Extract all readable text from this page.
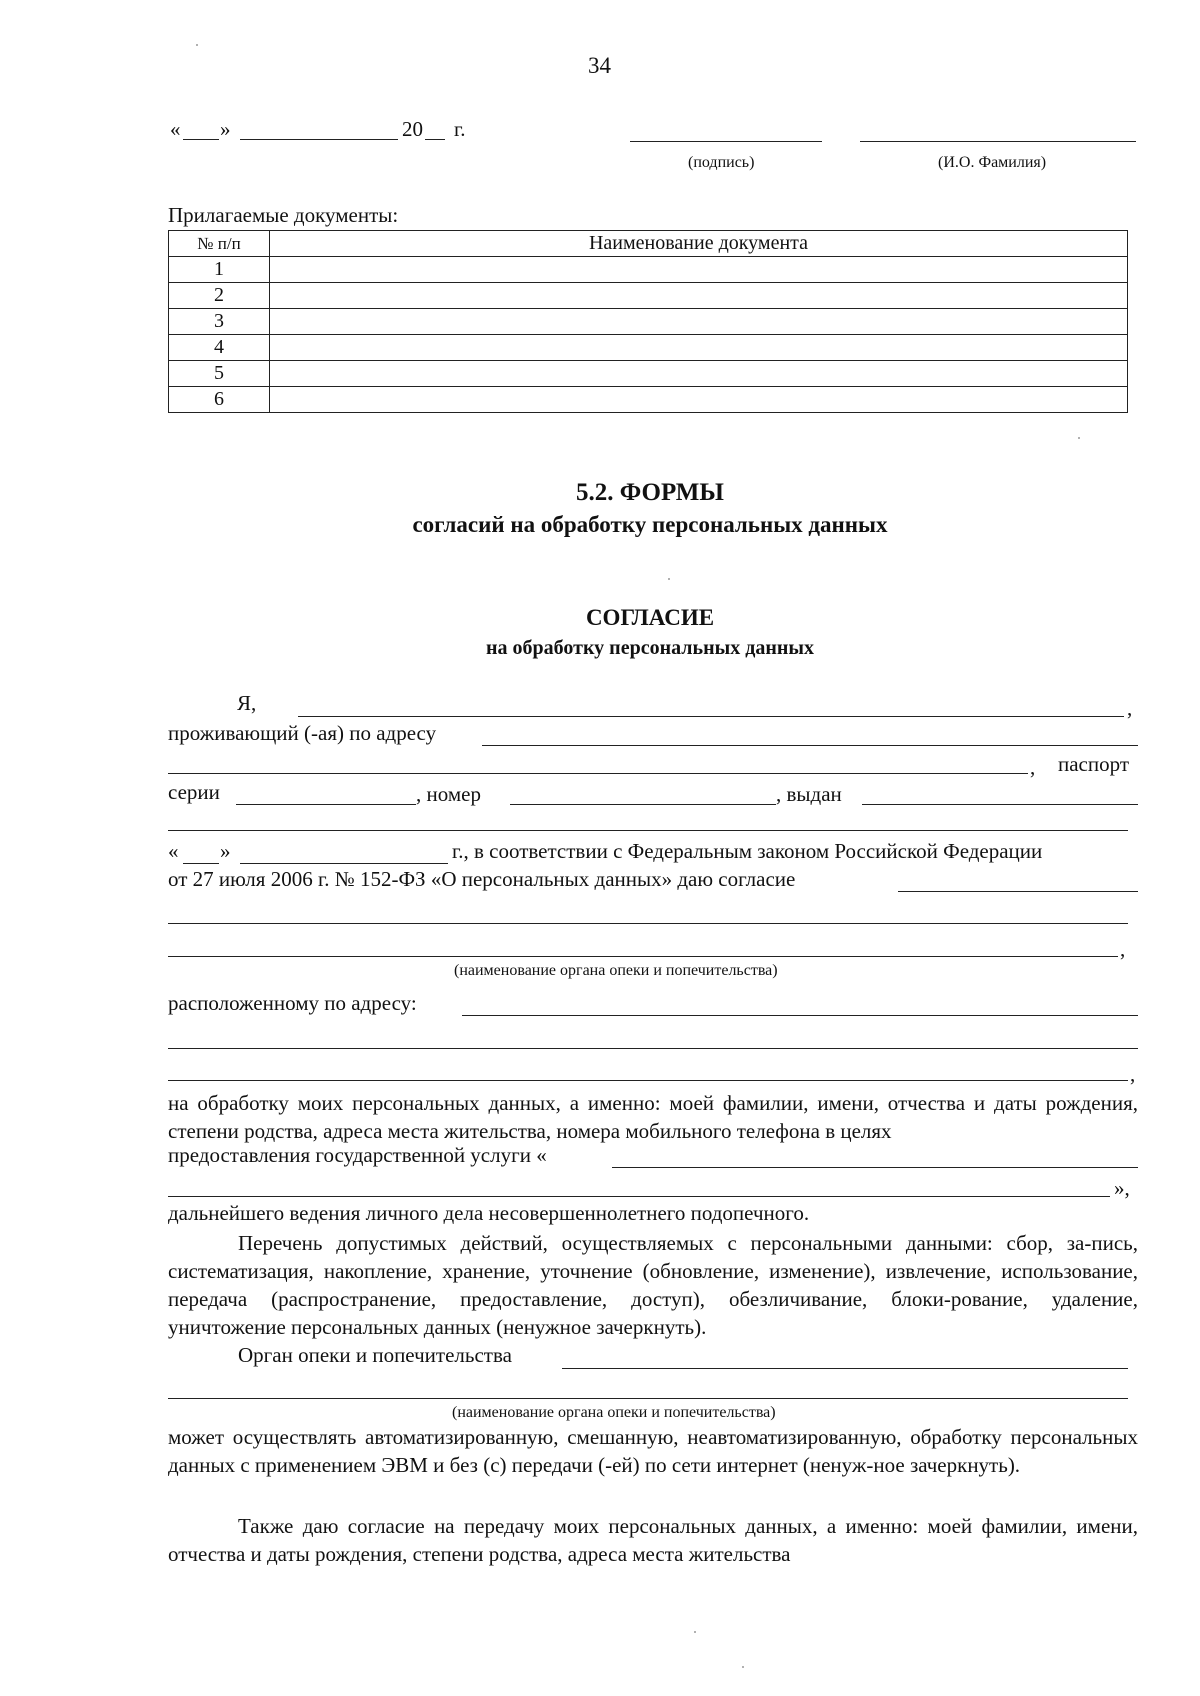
34
« »	20 г.
(подпись)	(И.О. Фамилия)
Прилагаемые документы:
№ п/п	Наименование документа
1	
2	
3	
4	
5	
6	
5.2. ФОРМЫ
согласий на обработку персональных данных
СОГЛАСИЕ
на обработку персональных данных
Я,	,
проживающий (-ая) по адресу
, паспорт
серии	, номер	, выдан
« »	г., в соответствии с Федеральным законом Российской Федерации
от 27 июля 2006 г. № 152-ФЗ «О персональных данных» даю согласие
,
(наименование органа опеки и попечительства)
расположенному по адресу:
,
на обработку моих персональных данных, а именно: моей фамилии, имени, отчества и даты рождения, степени родства, адреса места жительства, номера мобильного телефона в целях
предоставления государственной услуги «
»,
дальнейшего ведения личного дела несовершеннолетнего подопечного.
Перечень допустимых действий, осуществляемых с персональными данными: сбор, за-пись, систематизация, накопление, хранение, уточнение (обновление, изменение), извлечение, использование, передача (распространение, предоставление, доступ), обезличивание, блоки-рование, удаление, уничтожение персональных данных (ненужное зачеркнуть).
Орган опеки и попечительства
(наименование органа опеки и попечительства)
может осуществлять автоматизированную, смешанную, неавтоматизированную, обработку персональных данных с применением ЭВМ и без (с) передачи (-ей) по сети интернет (ненуж-ное зачеркнуть).
Также даю согласие на передачу моих персональных данных, а именно: моей фамилии, имени, отчества и даты рождения, степени родства, адреса места жительства
